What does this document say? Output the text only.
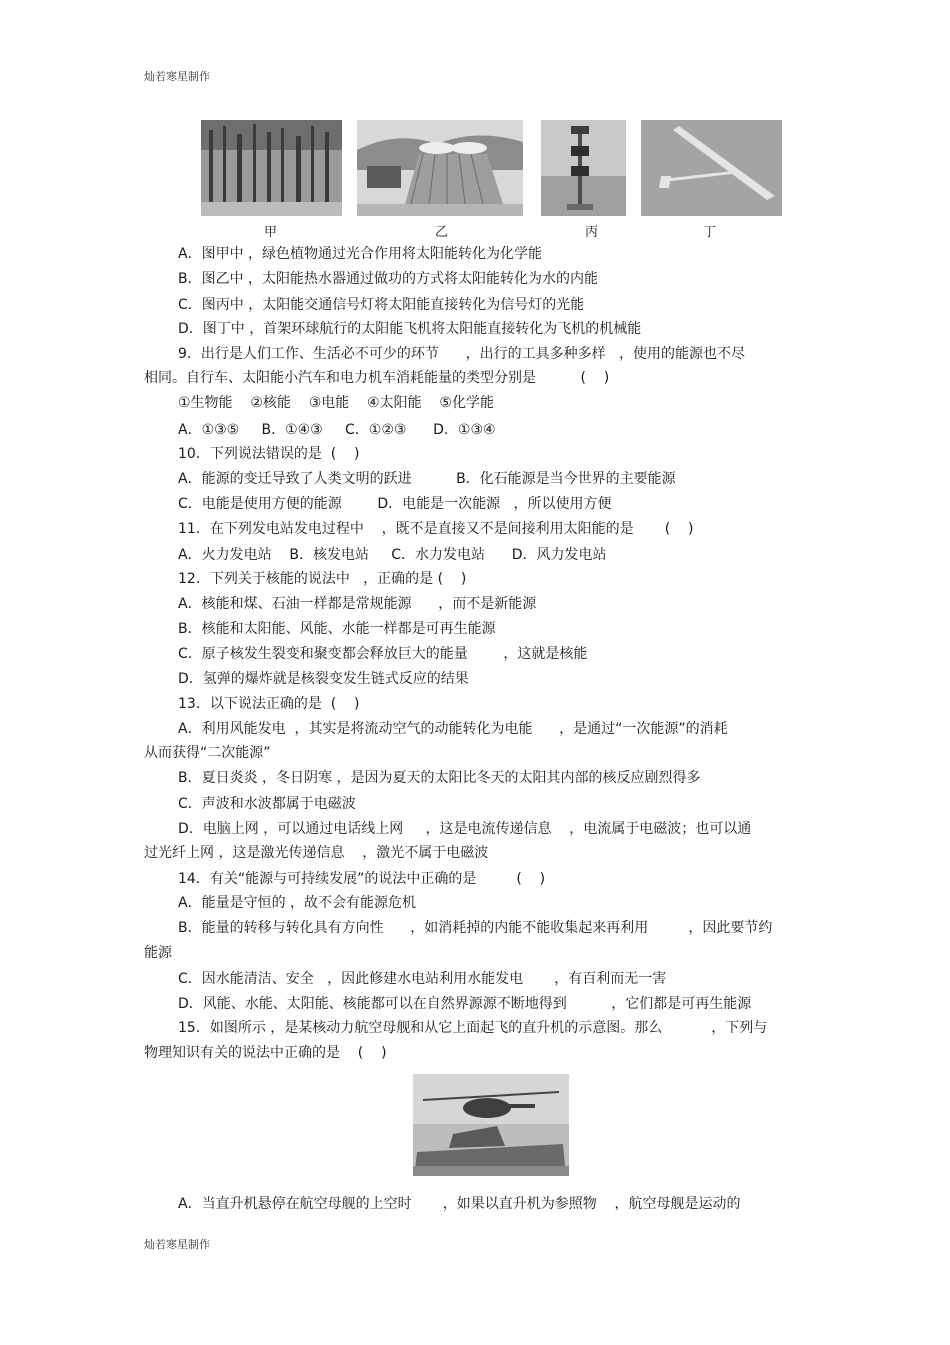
灿若寒星制作
甲	乙	丙	丁
A．图甲中 ，绿色植物通过光合作用将太阳能转化为化学能
B．图乙中 ，太阳能热水器通过做功的方式将太阳能转化为水的内能
C．图丙中 ，太阳能交通信号灯将太阳能直接转化为信号灯的光能
D．图丁中 ，首架环球航行的太阳能飞机将太阳能直接转化为飞机的机械能
9．出行是人们工作、生活必不可少的环节      ，出行的工具多种多样   ，使用的能源也不尽
相同。自行车、太阳能小汽车和电力机车消耗能量的类型分别是          (    )
①生物能    ②核能    ③电能    ④太阳能    ⑤化学能
A．①③⑤     B．①④③     C．①②③      D．①③④
10．下列说法错误的是  (    )
A．能源的变迁导致了人类文明的跃进          B．化石能源是当今世界的主要能源
C．电能是使用方便的能源        D．电能是一次能源   ，所以使用方便
11．在下列发电站发电过程中    ，既不是直接又不是间接利用太阳能的是       (    )
A．火力发电站    B．核发电站     C．水力发电站      D．风力发电站
12．下列关于核能的说法中   ，正确的是 (    )
A．核能和煤、石油一样都是常规能源      ，而不是新能源
B．核能和太阳能、风能、水能一样都是可再生能源
C．原子核发生裂变和聚变都会释放巨大的能量        ，这就是核能
D．氢弹的爆炸就是核裂变发生链式反应的结果
13．以下说法正确的是  (    )
A．利用风能发电  ，其实是将流动空气的动能转化为电能      ，是通过“一次能源”的消耗
从而获得“二次能源”
B．夏日炎炎 ，冬日阴寒 ，是因为夏天的太阳比冬天的太阳其内部的核反应剧烈得多
C．声波和水波都属于电磁波
D．电脑上网 ，可以通过电话线上网     ，这是电流传递信息    ，电流属于电磁波；也可以通
过光纤上网 ，这是激光传递信息    ，激光不属于电磁波
14．有关“能源与可持续发展”的说法中正确的是         (    )
A．能量是守恒的 ，故不会有能源危机
B．能量的转移与转化具有方向性      ，如消耗掉的内能不能收集起来再利用         ，因此要节约
能源
C．因水能清洁、安全   ，因此修建水电站利用水能发电       ，有百利而无一害
D．风能、水能、太阳能、核能都可以在自然界源源不断地得到          ，它们都是可再生能源
15．如图所示 ，是某核动力航空母舰和从它上面起飞的直升机的示意图。那么           ，下列与
物理知识有关的说法中正确的是    (    )
A．当直升机悬停在航空母舰的上空时       ，如果以直升机为参照物    ，航空母舰是运动的
灿若寒星制作
